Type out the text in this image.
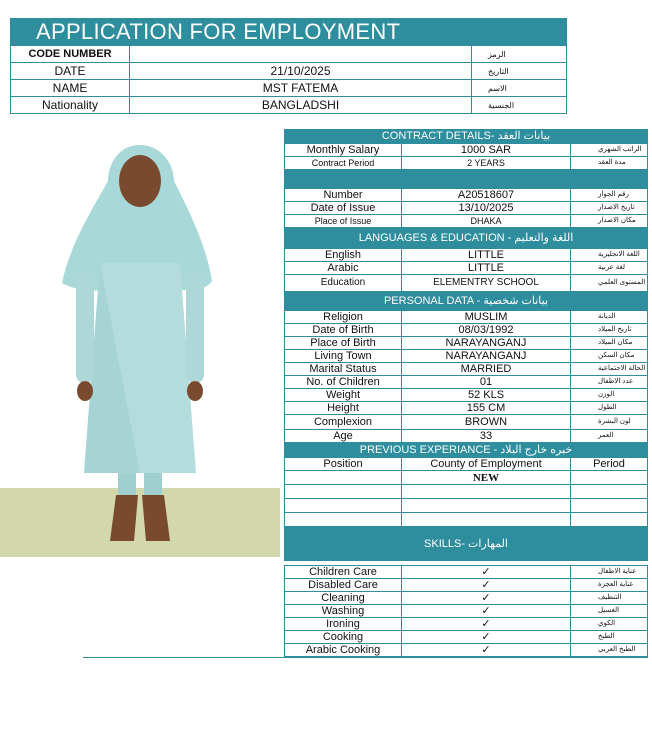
APPLICATION FOR EMPLOYMENT
CODE NUMBER		الرمز
DATE	21/10/2025	التاريخ
NAME	MST FATEMA	الاسم
Nationality	BANGLADSHI	الجنسية
CONTRACT DETAILS- بيانات العقد
Monthly Salary	1000 SAR	الراتب الشهري
Contract Period	2 YEARS	مدة العقد
Number	A20518607	رقم الجواز
Date of Issue	13/10/2025	تاريخ الاصدار
Place of Issue	DHAKA	مكان الاصدار
LANGUAGES & EDUCATION - اللغة والتعليم
English	LITTLE	اللغة الانجليزية
Arabic	LITTLE	لغة عربية
Education	ELEMENTRY SCHOOL	المستوى العلمي
PERSONAL DATA - بيانات شخصية
Religion	MUSLIM	الديانة
Date of Birth	08/03/1992	تاريخ الميلاد
Place of Birth	NARAYANGANJ	مكان الميلاد
Living Town	NARAYANGANJ	مكان السكن
Marital Status	MARRIED	الحالة الاجتماعية
No. of Children	01	عدد الاطفال
Weight	52 KLS	الوزن
Height	155 CM	الطول
Complexion	BROWN	لون البشرة
Age	33	العمر
PREVIOUS EXPERIANCE - خبره خارج البلاد
Position	County of Employment	Period
	NEW	

SKILLS- المهارات
Children Care	✓	عناية الاطفال
Disabled Care	✓	عناية العجزة
Cleaning	✓	التنظيف
Washing	✓	الغسيل
Ironing	✓	الكوي
Cooking	✓	الطبخ
Arabic Cooking	✓	الطبخ العربي
